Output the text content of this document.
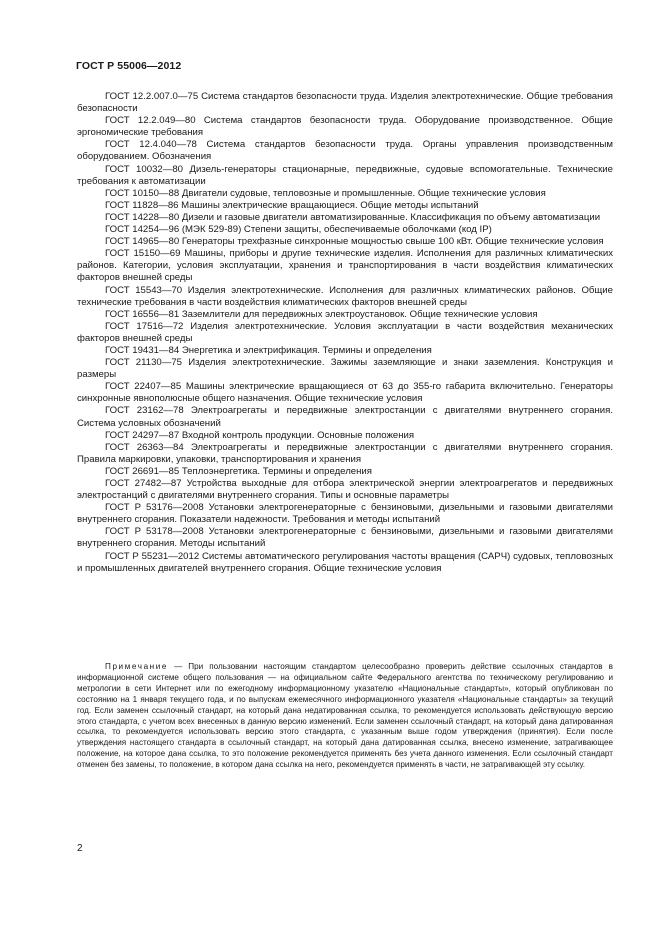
ГОСТ Р 55006—2012

ГОСТ 12.2.007.0—75 Система стандартов безопасности труда. Изделия электротехнические. Общие требования безопасности

ГОСТ 12.2.049—80 Система стандартов безопасности труда. Оборудование производственное. Общие эргономические требования

ГОСТ 12.4.040—78 Система стандартов безопасности труда. Органы управления производственным оборудованием. Обозначения

ГОСТ 10032—80 Дизель-генераторы стационарные, передвижные, судовые вспомогательные. Технические требования к автоматизации

ГОСТ 10150—88 Двигатели судовые, тепловозные и промышленные. Общие технические условия

ГОСТ 11828—86 Машины электрические вращающиеся. Общие методы испытаний

ГОСТ 14228—80 Дизели и газовые двигатели автоматизированные. Классификация по объему автоматизации

ГОСТ 14254—96 (МЭК 529-89) Степени защиты, обеспечиваемые оболочками (код IP)

ГОСТ 14965—80 Генераторы трехфазные синхронные мощностью свыше 100 кВт. Общие технические условия

ГОСТ 15150—69 Машины, приборы и другие технические изделия. Исполнения для различных климатических районов. Категории, условия эксплуатации, хранения и транспортирования в части воздействия климатических факторов внешней среды

ГОСТ 15543—70 Изделия электротехнические. Исполнения для различных климатических районов. Общие технические требования в части воздействия климатических факторов внешней среды

ГОСТ 16556—81 Заземлители для передвижных электроустановок. Общие технические условия

ГОСТ 17516—72 Изделия электротехнические. Условия эксплуатации в части воздействия механических факторов внешней среды

ГОСТ 19431—84 Энергетика и электрификация. Термины и определения

ГОСТ 21130—75 Изделия электротехнические. Зажимы заземляющие и знаки заземления. Конструкция и размеры

ГОСТ 22407—85 Машины электрические вращающиеся от 63 до 355-го габарита включительно. Генераторы синхронные явнополюсные общего назначения. Общие технические условия

ГОСТ 23162—78 Электроагрегаты и передвижные электростанции с двигателями внутреннего сгорания. Система условных обозначений

ГОСТ 24297—87 Входной контроль продукции. Основные положения

ГОСТ 26363—84 Электроагрегаты и передвижные электростанции с двигателями внутреннего сгорания. Правила маркировки, упаковки, транспортирования и хранения

ГОСТ 26691—85 Теплоэнергетика. Термины и определения

ГОСТ 27482—87 Устройства выходные для отбора электрической энергии электроагрегатов и передвижных электростанций с двигателями внутреннего сгорания. Типы и основные параметры

ГОСТ Р 53176—2008 Установки электрогенераторные с бензиновыми, дизельными и газовыми двигателями внутреннего сгорания. Показатели надежности. Требования и методы испытаний

ГОСТ Р 53178—2008 Установки электрогенераторные с бензиновыми, дизельными и газовыми двигателями внутреннего сгорания. Методы испытаний

ГОСТ Р 55231—2012 Системы автоматического регулирования частоты вращения (САРЧ) судовых, тепловозных и промышленных двигателей внутреннего сгорания. Общие технические условия

Примечание — При пользовании настоящим стандартом целесообразно проверить действие ссылочных стандартов в информационной системе общего пользования — на официальном сайте Федерального агентства по техническому регулированию и метрологии в сети Интернет или по ежегодному информационному указателю «Национальные стандарты», который опубликован по состоянию на 1 января текущего года, и по выпускам ежемесячного информационного указателя «Национальные стандарты» за текущий год. Если заменен ссылочный стандарт, на который дана недатированная ссылка, то рекомендуется использовать действующую версию этого стандарта, с учетом всех внесенных в данную версию изменений. Если заменен ссылочный стандарт, на который дана датированная ссылка, то рекомендуется использовать версию этого стандарта, с указанным выше годом утверждения (принятия). Если после утверждения настоящего стандарта в ссылочный стандарт, на который дана датированная ссылка, внесено изменение, затрагивающее положение, на которое дана ссылка, то это положение рекомендуется применять без учета данного изменения. Если ссылочный стандарт отменен без замены, то положение, в котором дана ссылка на него, рекомендуется применять в части, не затрагивающей эту ссылку.

2
